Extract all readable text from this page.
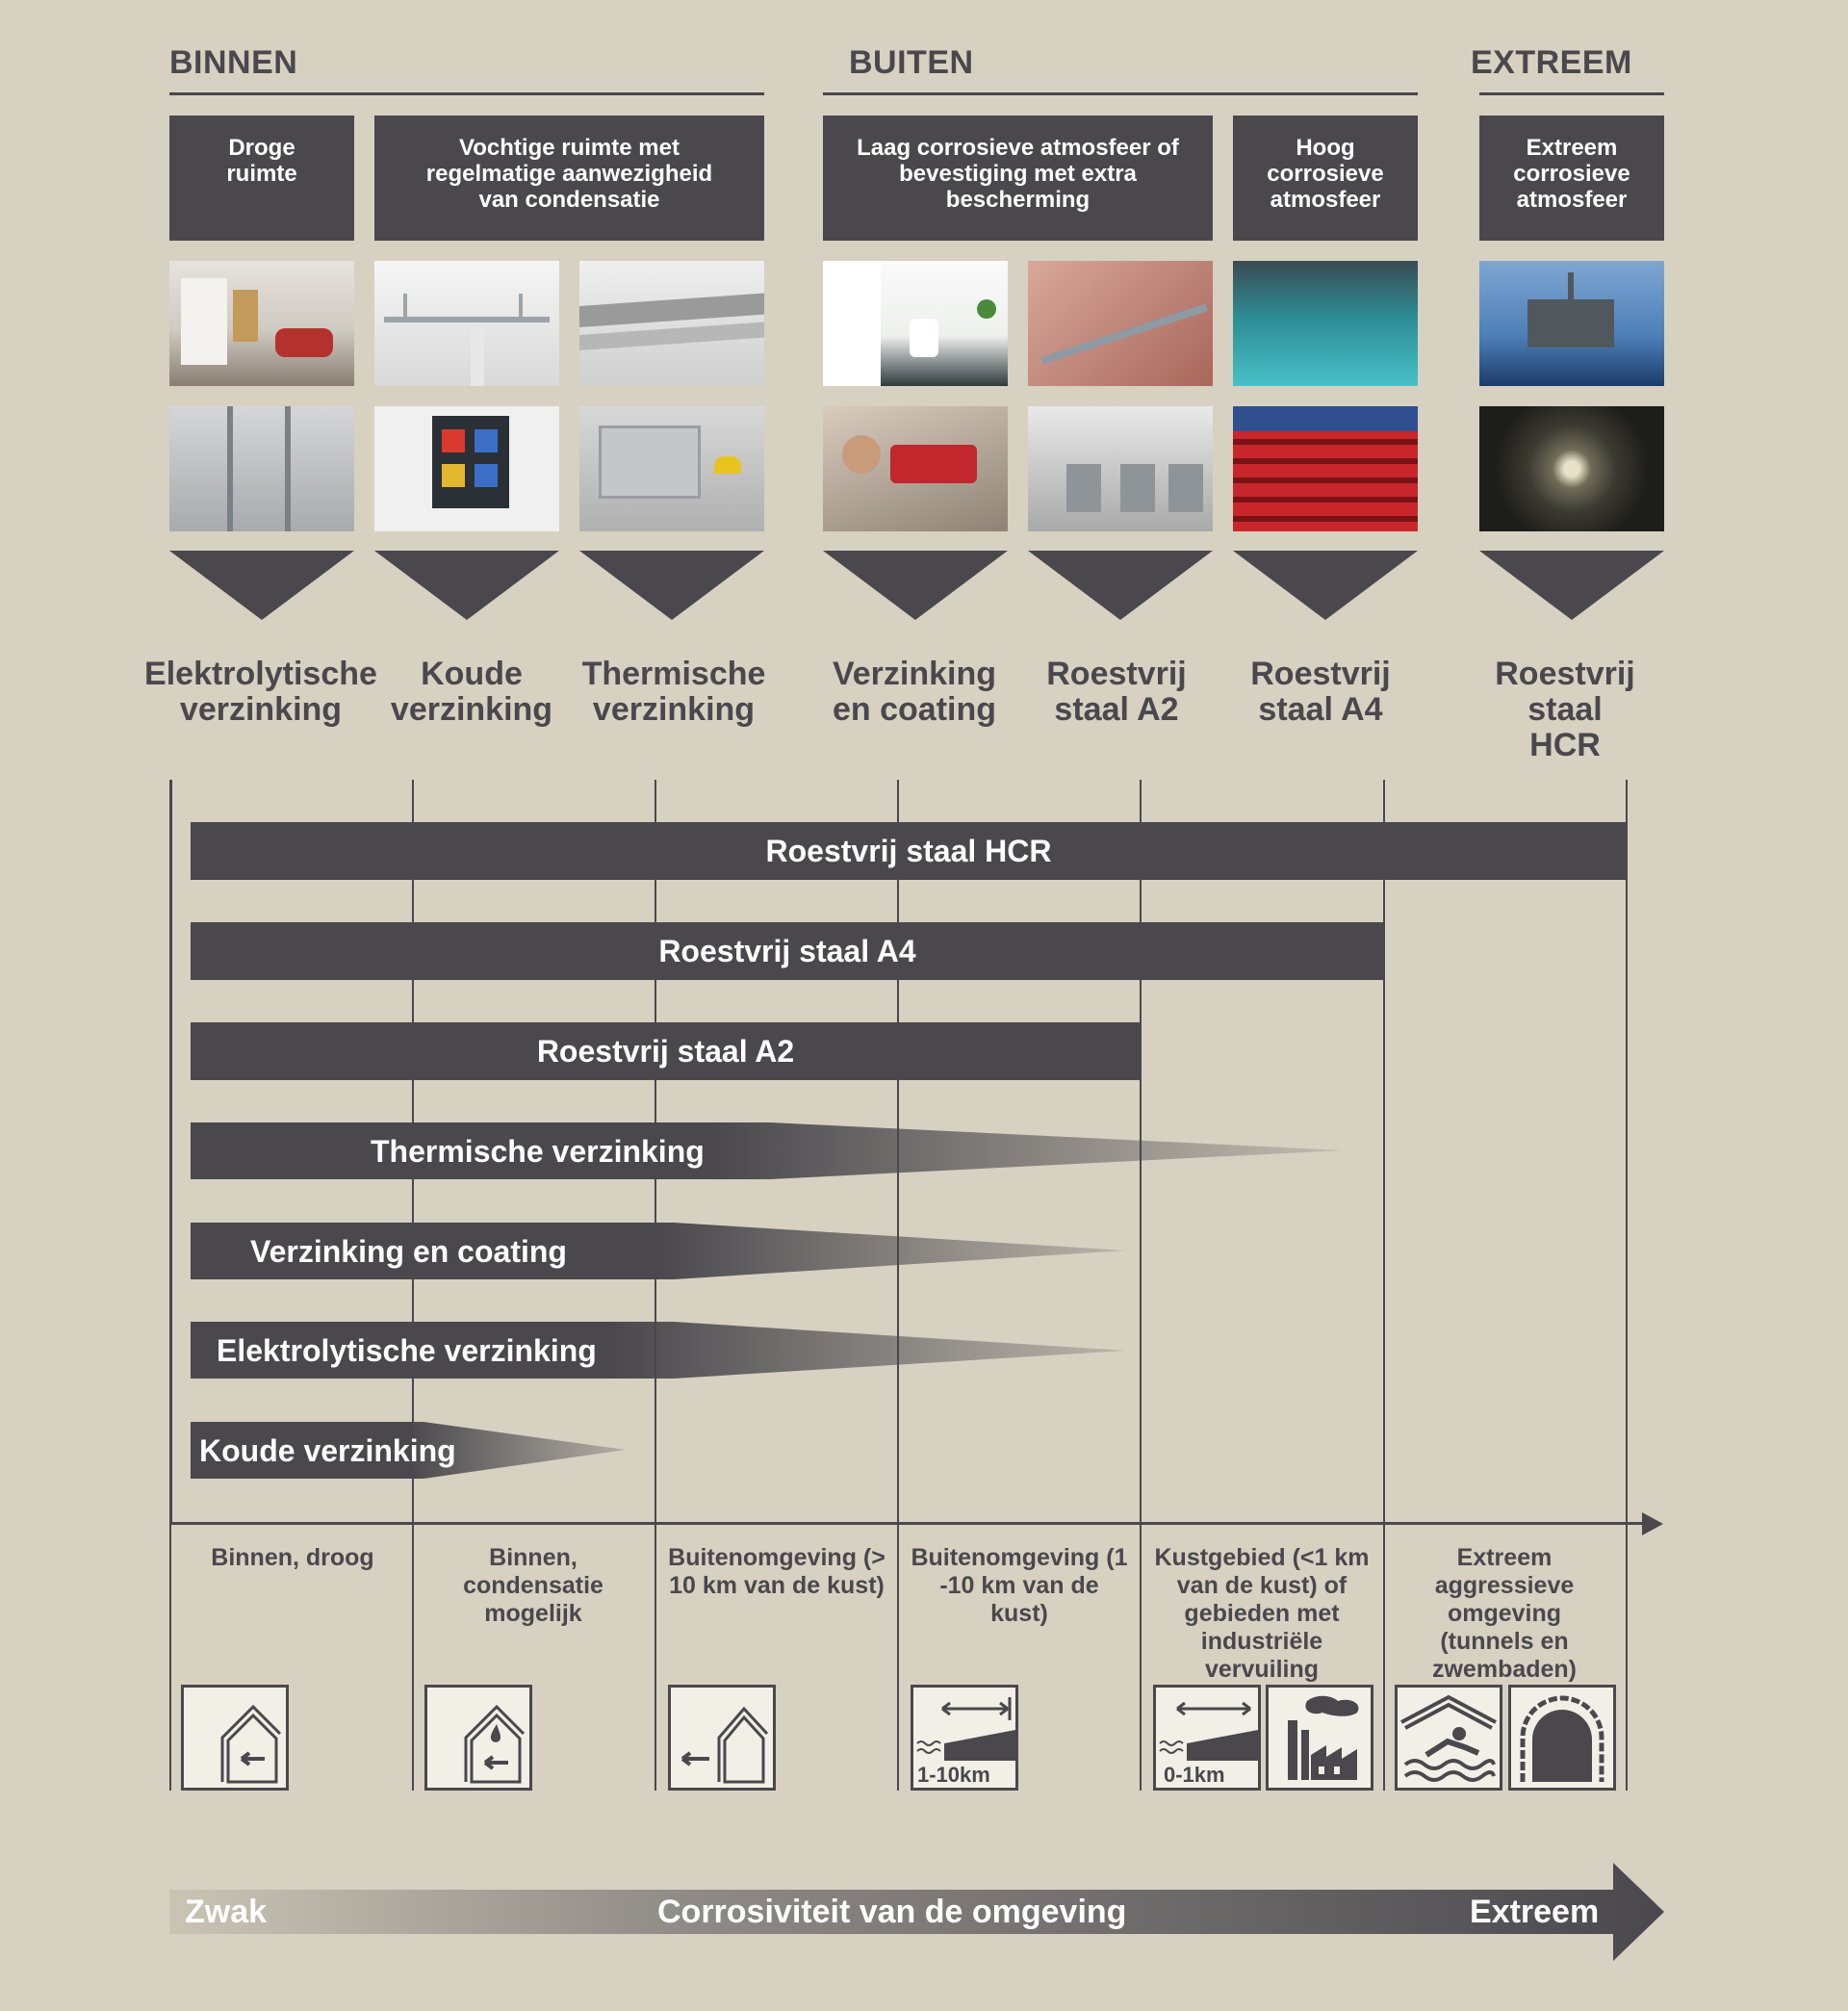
BINNEN	BUITEN	EXTREEM
Droge ruimte
Vochtige ruimte met regelmatige aanwezigheid van condensatie
Laag corrosieve atmosfeer of bevestiging met extra bescherming
Hoog corrosieve atmosfeer
Extreem corrosieve atmosfeer
Elektrolytische verzinking
Koude verzinking
Thermische verzinking
Verzinking en coating
Roestvrij staal A2
Roestvrij staal A4
Roestvrij staal HCR
Roestvrij staal HCR
Roestvrij staal A4
Roestvrij staal A2
Thermische verzinking
Verzinking en coating
Elektrolytische verzinking
Koude verzinking
Binnen, droog	Binnen, condensatie mogelijk
Buitenomgeving (> 10 km van de kust)
Buitenomgeving (1 -10 km van de kust)
Kustgebied (<1 km van de kust) of gebieden met industriële vervuiling
Extreem aggressieve omgeving (tunnels en zwembaden)
1-10km	0-1km
Zwak	Corrosiviteit van de omgeving	Extreem
